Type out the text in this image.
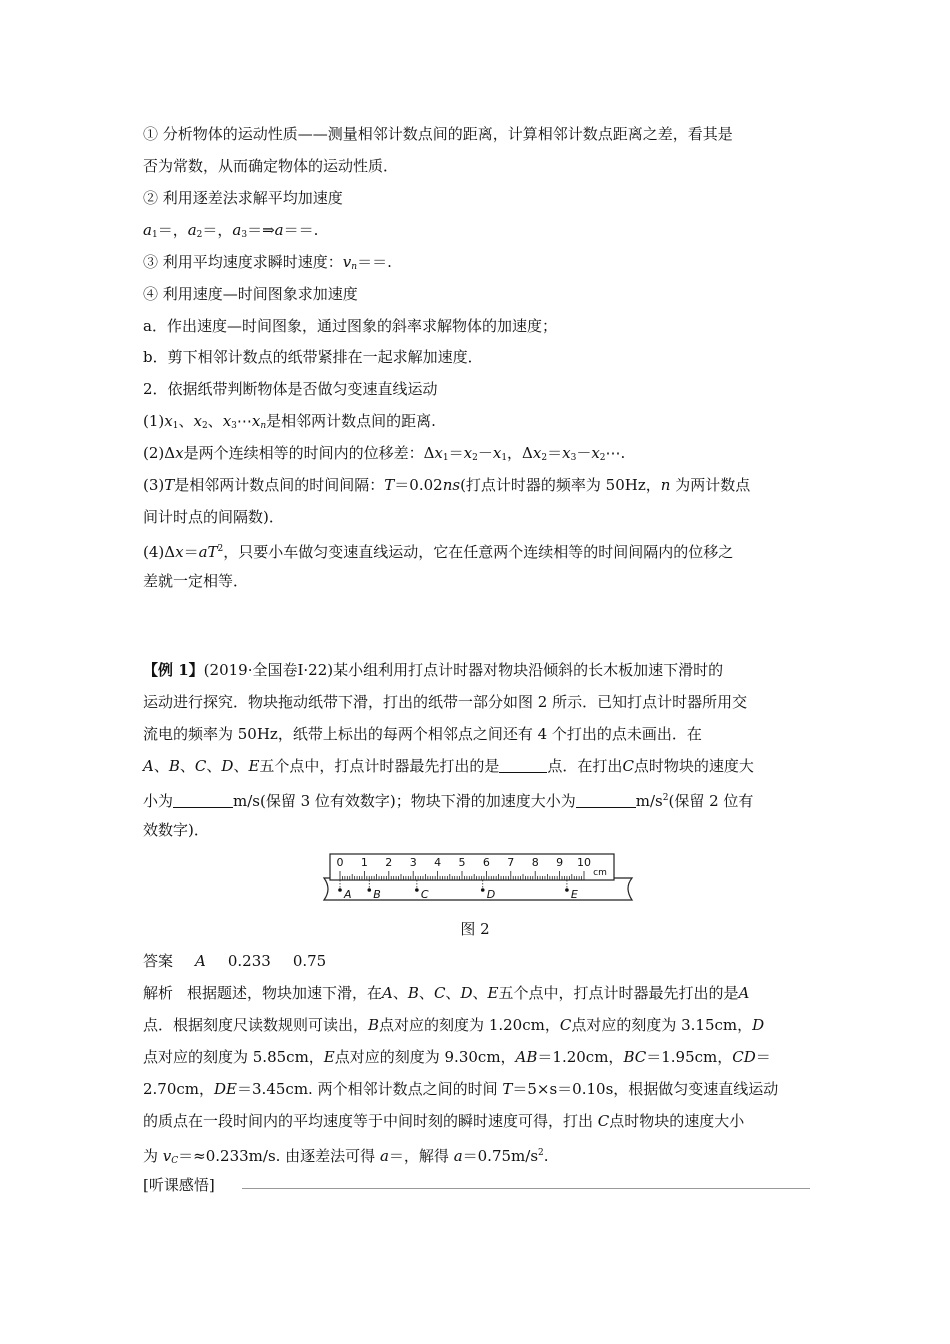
① 分析物体的运动性质——测量相邻计数点间的距离，计算相邻计数点距离之差，看其是
否为常数，从而确定物体的运动性质．
② 利用逐差法求解平均加速度
$a_1=$，$a_2=$，$a_3=\Rightarrow a==$.
③ 利用平均速度求瞬时速度：$v_n==$.
④ 利用速度—时间图象求加速度
a．作出速度—时间图象，通过图象的斜率求解物体的加速度；
b．剪下相邻计数点的纸带紧排在一起求解加速度．
2．依据纸带判断物体是否做匀变速直线运动
$(1)x_1$、$x_2$、$x_3\cdots x_n$是相邻两计数点间的距离.
(2)Δx是两个连续相等的时间内的位移差：$\Delta x_1=x_2-x_1$，$\Delta x_2=x_3-x_2\cdots$.
(3)T是相邻两计数点间的时间间隔：T＝0.02ns(打点计时器的频率为 50Hz，n 为两计数点
间计时点的间隔数)．
$(4)\Delta x=aT^2$，只要小车做匀变速直线运动，它在任意两个连续相等的时间间隔内的位移之
差就一定相等．
【例 1】(2019·全国卷Ⅰ·22)某小组利用打点计时器对物块沿倾斜的长木板加速下滑时的
运动进行探究．物块拖动纸带下滑，打出的纸带一部分如图 2 所示．已知打点计时器所用交
流电的频率为 50Hz，纸带上标出的每两个相邻点之间还有 4 个打出的点未画出．在
A、B、C、D、E五个点中，打点计时器最先打出的是	点．在打出C点时物块的速度大
小为	m/s(保留 3 位有效数字)；物块下滑的加速度大小为	$m/s^2$(保留 2 位有
效数字)．
0 1 2 3 4 5 6 7 8 9 10
cm
A B	C	D	E
图 2
答案 A 0.233 0.75
解析 根据题述，物块加速下滑，在A、B、C、D、E五个点中，打点计时器最先打出的是A
点．根据刻度尺读数规则可读出，B点对应的刻度为 1.20cm，C点对应的刻度为 3.15cm，D
点对应的刻度为 5.85cm，E点对应的刻度为 9.30cm，AB＝1.20cm，BC＝1.95cm，CD＝
2.70cm，DE＝3.45cm. 两个相邻计数点之间的时间 T＝5×s＝0.10s，根据做匀变速直线运动
的质点在一段时间内的平均速度等于中间时刻的瞬时速度可得，打出 C点时物块的速度大小
为 $v_C=\approx 0.233m/s$. 由逐差法可得 a＝，解得 $a=0.75m/s^2$.
[听课感悟]
